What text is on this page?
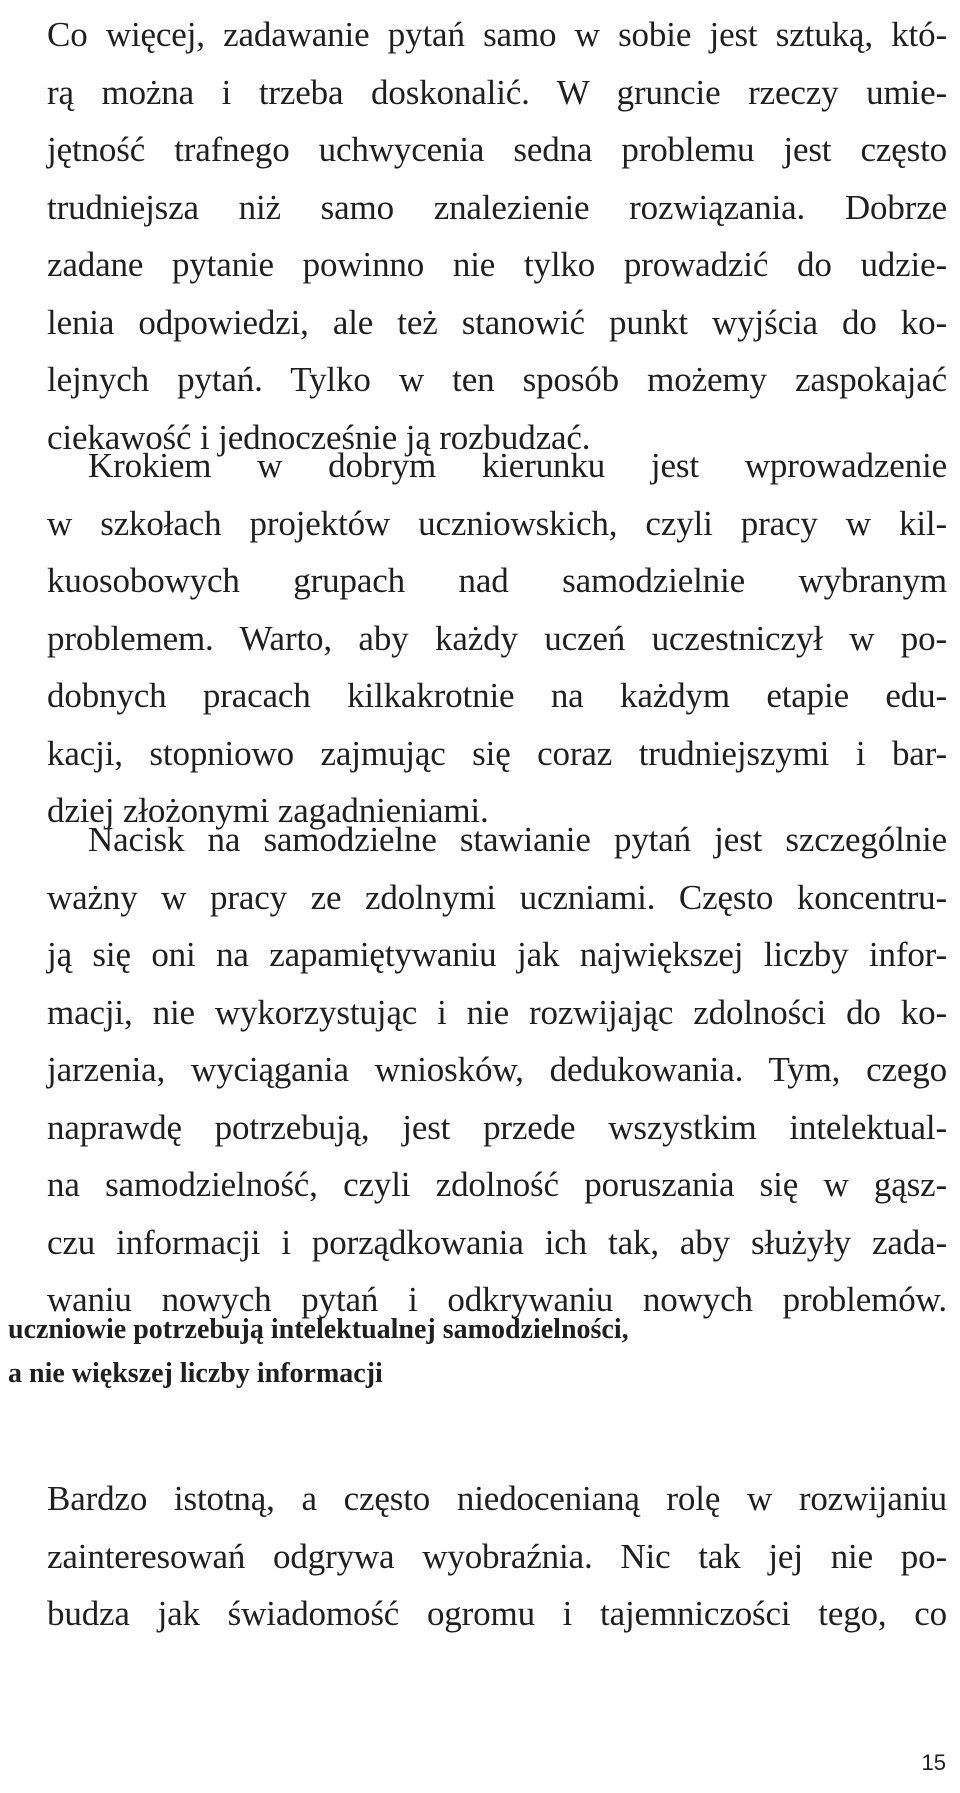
Co więcej, zadawanie pytań samo w sobie jest sztuką, któ-
rą można i trzeba doskonalić. W gruncie rzeczy umie-
jętność trafnego uchwycenia sedna problemu jest często
trudniejsza niż samo znalezienie rozwiązania. Dobrze
zadane pytanie powinno nie tylko prowadzić do udzie-
lenia odpowiedzi, ale też stanowić punkt wyjścia do ko-
lejnych pytań. Tylko w ten sposób możemy zaspokajać
ciekawość i jednocześnie ją rozbudzać.

Krokiem w dobrym kierunku jest wprowadzenie
w szkołach projektów uczniowskich, czyli pracy w kil-
kuosobowych grupach nad samodzielnie wybranym
problemem. Warto, aby każdy uczeń uczestniczył w po-
dobnych pracach kilkakrotnie na każdym etapie edu-
kacji, stopniowo zajmując się coraz trudniejszymi i bar-
dziej złożonymi zagadnieniami.

Nacisk na samodzielne stawianie pytań jest szczególnie
ważny w pracy ze zdolnymi uczniami. Często koncentru-
ją się oni na zapamiętywaniu jak największej liczby infor-
macji, nie wykorzystując i nie rozwijając zdolności do ko-
jarzenia, wyciągania wniosków, dedukowania. Tym, czego
naprawdę potrzebują, jest przede wszystkim intelektual-
na samodzielność, czyli zdolność poruszania się w gąsz-
czu informacji i porządkowania ich tak, aby służyły zada-
waniu nowych pytań i odkrywaniu nowych problemów.

uczniowie potrzebują intelektualnej samodzielności,
a nie większej liczby informacji

Bardzo istotną, a często niedocenianą rolę w rozwijaniu
zainteresowań odgrywa wyobraźnia. Nic tak jej nie po-
budza jak świadomość ogromu i tajemniczości tego, co

15
